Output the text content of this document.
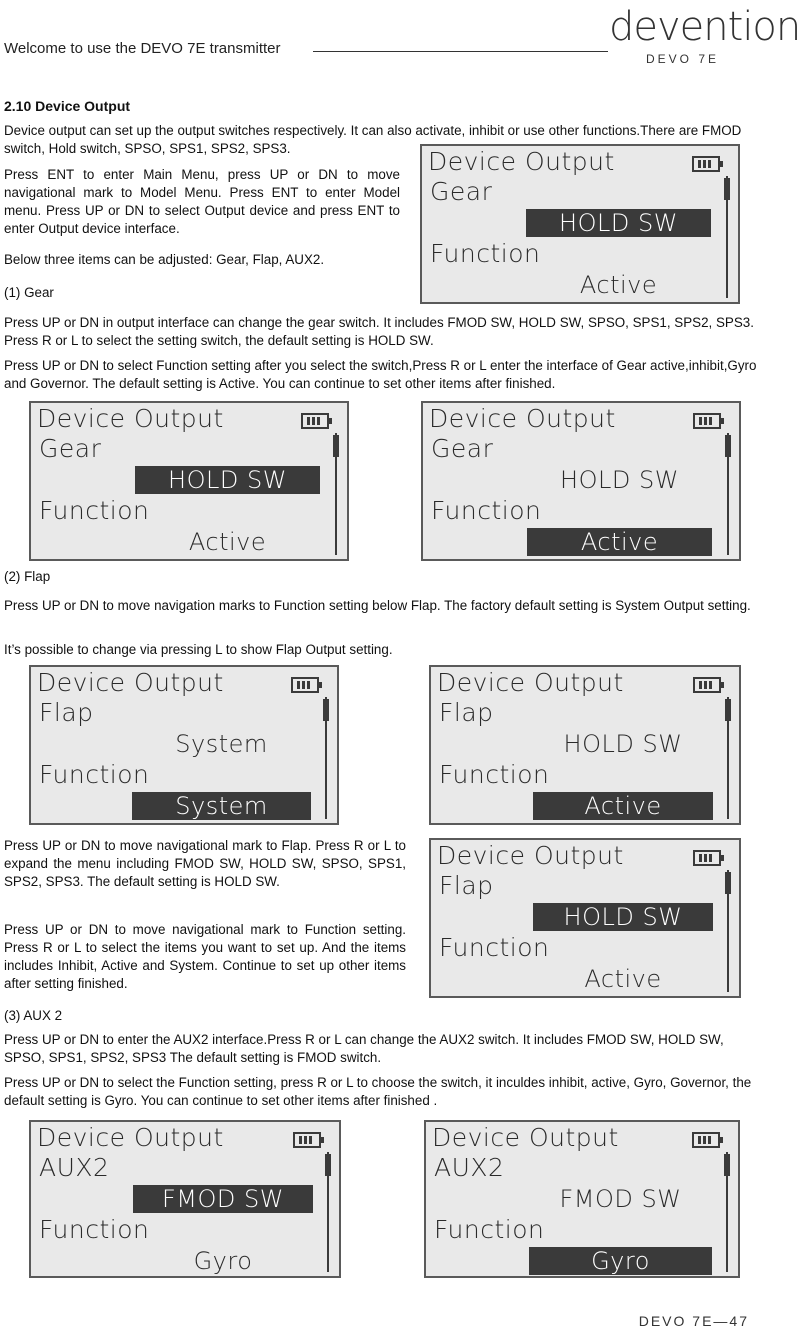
Welcome to use the DEVO 7E transmitter	devention
DEVO 7E
2.10 Device Output
Device output can set up the output switches respectively. It can also activate, inhibit or use other functions.There are FMOD switch, Hold switch, SPSO, SPS1, SPS2, SPS3.
Press ENT to enter Main Menu, press UP or DN to move navigational mark to Model Menu. Press ENT to enter Model menu. Press UP or DN to select Output device and press ENT to enter Output device interface.
Below three items can be adjusted: Gear, Flap, AUX2.
(1) Gear
Device Output
Gear
HOLD SW
Function
Active
Press UP or DN in output interface can change the gear switch. It includes FMOD SW, HOLD SW, SPSO, SPS1, SPS2, SPS3. Press R or L to select the setting switch, the default setting is HOLD SW.
Press UP or DN to select Function setting after you select the switch,Press R or L enter the interface of Gear active,inhibit,Gyro and Governor. The default setting is Active. You can continue to set other items after finished.
Device Output
Gear
HOLD SW
Function
Active
Device Output
Gear
HOLD SW
Function
Active
(2) Flap
Press UP or DN to move navigation marks to Function setting below Flap. The factory default setting is System Output setting.
It’s possible to change via pressing L to show Flap Output setting.
Device Output
Flap
System
Function
System
Device Output
Flap
HOLD SW
Function
Active
Press UP or DN to move navigational mark to Flap. Press R or L to expand the menu including FMOD SW, HOLD SW, SPSO, SPS1, SPS2, SPS3. The default setting is HOLD SW.
Press UP or DN to move navigational mark to Function setting. Press R or L to select the items you want to set up. And the items includes Inhibit, Active and System. Continue to set up other items after setting finished.
Device Output
Flap
HOLD SW
Function
Active
(3) AUX 2
Press UP or DN to enter the AUX2 interface.Press R or L can change the AUX2 switch. It includes FMOD SW, HOLD SW, SPSO, SPS1, SPS2, SPS3 The default setting is FMOD switch.
Press UP or DN to select the Function setting, press R or L to choose the switch, it inculdes inhibit, active, Gyro, Governor, the default setting is Gyro. You can continue to set other items after finished .
Device Output
AUX2
FMOD SW
Function
Gyro
Device Output
AUX2
FMOD SW
Function
Gyro
DEVO 7E—47
